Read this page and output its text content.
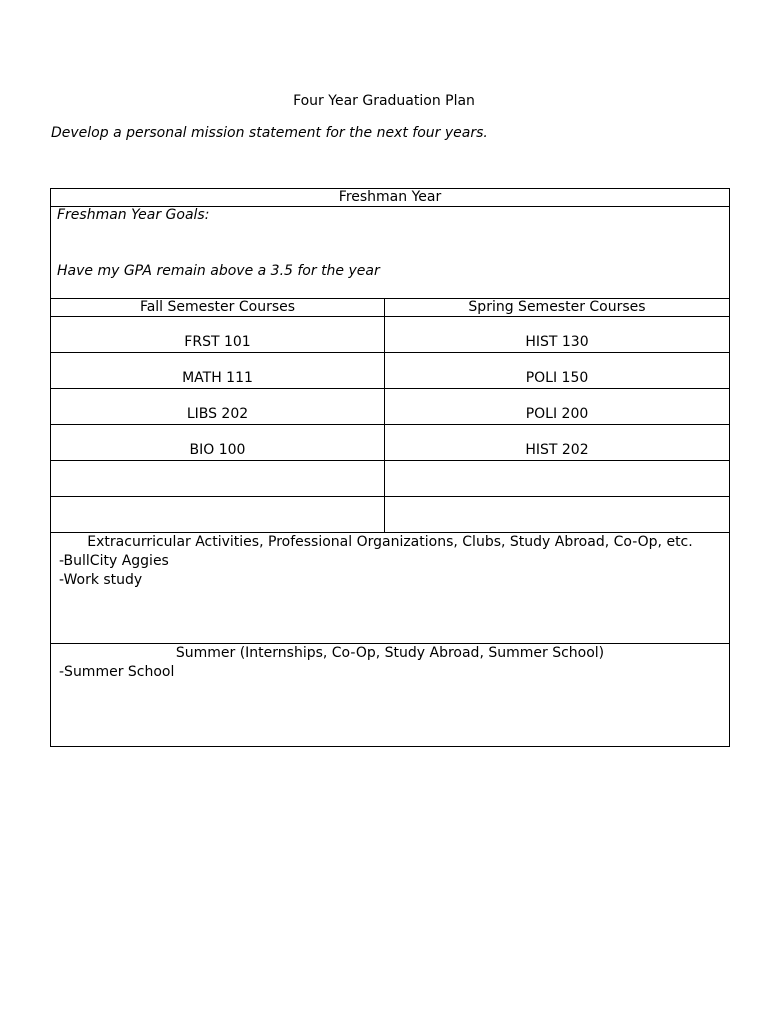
Four Year Graduation Plan
Develop a personal mission statement for the next four years.
Freshman Year	

Freshman Year Goals:
Have my GPA remain above a 3.5 for the year	

Fall Semester Courses	Spring Semester Courses
FRST 101	HIST 130
MATH 111	POLI 150
LIBS 202	POLI 200
BIO 100	HIST 202

Extracurricular Activities, Professional Organizations, Clubs, Study Abroad, Co-Op, etc.
-BullCity Aggies
-Work study	

Summer (Internships, Co-Op, Study Abroad, Summer School)
-Summer School	
